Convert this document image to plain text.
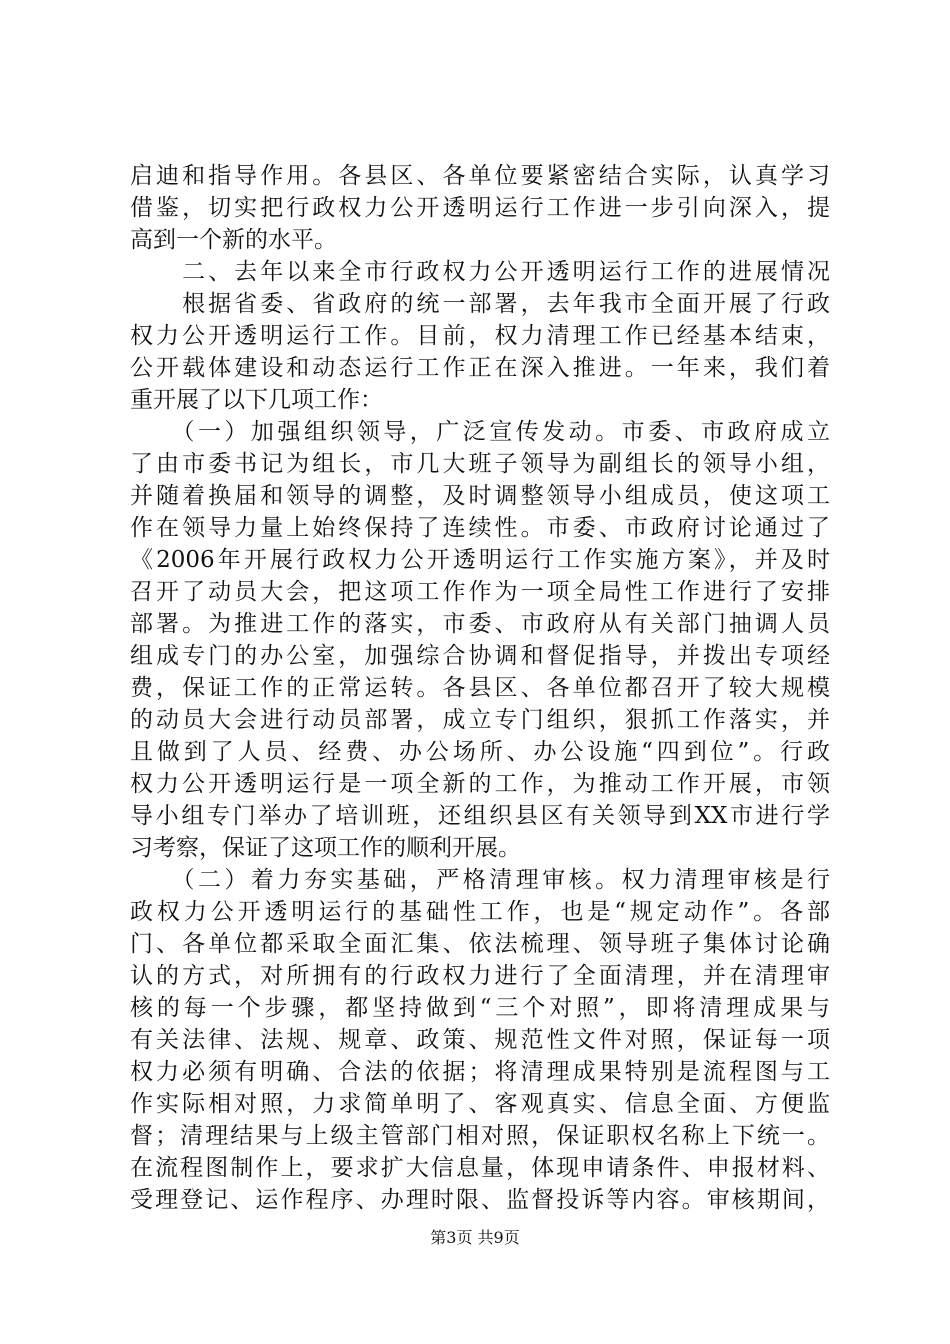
启迪和指导作用。各县区、各单位要紧密结合实际，认真学习
借鉴，切实把行政权力公开透明运行工作进一步引向深入，提
高到一个新的水平。
　　二、去年以来全市行政权力公开透明运行工作的进展情况
　　根据省委、省政府的统一部署，去年我市全面开展了行政
权力公开透明运行工作。目前，权力清理工作已经基本结束，
公开载体建设和动态运行工作正在深入推进。一年来，我们着
重开展了以下几项工作：
　　（一）加强组织领导，广泛宣传发动。市委、市政府成立
了由市委书记为组长，市几大班子领导为副组长的领导小组，
并随着换届和领导的调整，及时调整领导小组成员，使这项工
作在领导力量上始终保持了连续性。市委、市政府讨论通过了
《2006年开展行政权力公开透明运行工作实施方案》，并及时
召开了动员大会，把这项工作作为一项全局性工作进行了安排
部署。为推进工作的落实，市委、市政府从有关部门抽调人员
组成专门的办公室，加强综合协调和督促指导，并拨出专项经
费，保证工作的正常运转。各县区、各单位都召开了较大规模
的动员大会进行动员部署，成立专门组织，狠抓工作落实，并
且做到了人员、经费、办公场所、办公设施“四到位”。行政
权力公开透明运行是一项全新的工作，为推动工作开展，市领
导小组专门举办了培训班，还组织县区有关领导到XX市进行学
习考察，保证了这项工作的顺利开展。
　　（二）着力夯实基础，严格清理审核。权力清理审核是行
政权力公开透明运行的基础性工作，也是“规定动作”。各部
门、各单位都采取全面汇集、依法梳理、领导班子集体讨论确
认的方式，对所拥有的行政权力进行了全面清理，并在清理审
核的每一个步骤，都坚持做到“三个对照”，即将清理成果与
有关法律、法规、规章、政策、规范性文件对照，保证每一项
权力必须有明确、合法的依据；将清理成果特别是流程图与工
作实际相对照，力求简单明了、客观真实、信息全面、方便监
督；清理结果与上级主管部门相对照，保证职权名称上下统一。
在流程图制作上，要求扩大信息量，体现申请条件、申报材料、
受理登记、运作程序、办理时限、监督投诉等内容。审核期间，
第3页 共9页
